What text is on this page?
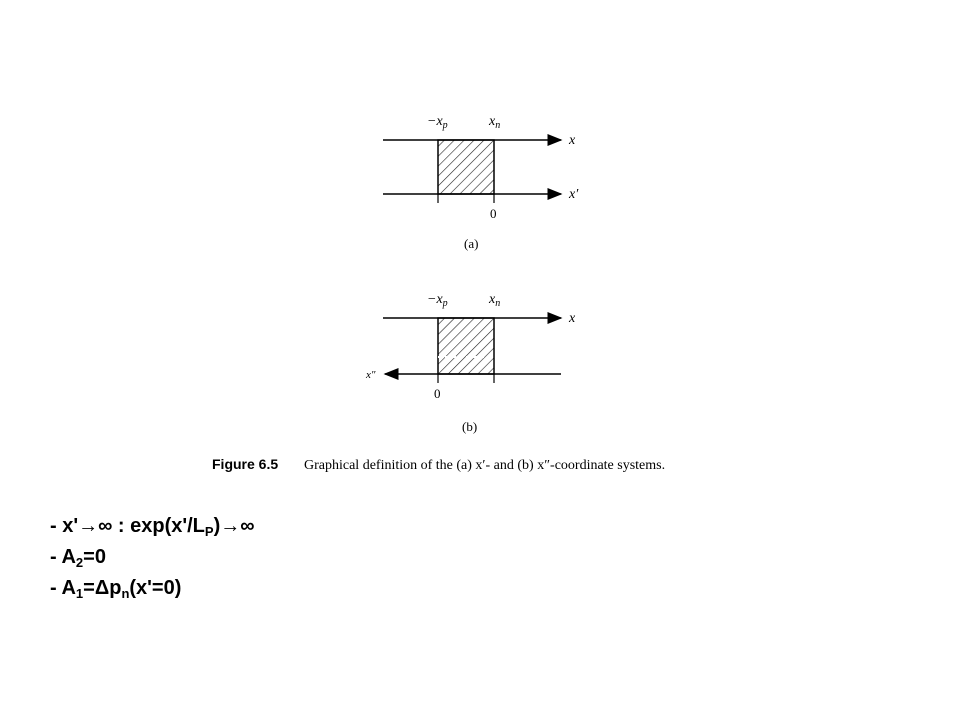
$-x_p$	$x_n$
x
x′
0
(a)
$-x_p$	$x_n$
x
x″
0
(b)
Figure 6.5 Graphical definition of the (a) x′- and (b) x″-coordinate systems.
- x'→∞ : $\exp(x'/L_P)\to\infty$
- $A_2=0$
- $A_1=\Delta p_n(x'=0)$
